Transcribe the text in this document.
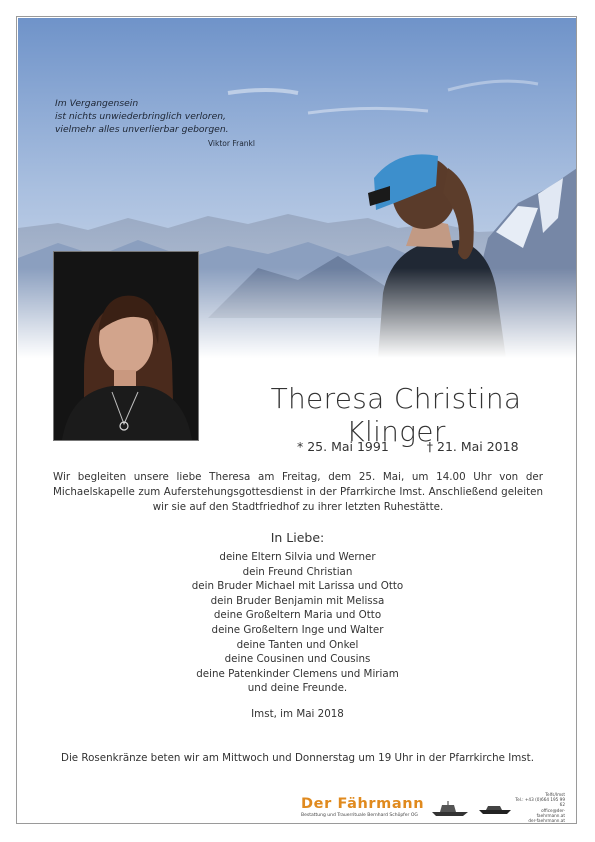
Im Vergangensein
ist nichts unwiederbringlich verloren,
vielmehr alles unverlierbar geborgen.
Viktor Frankl
Theresa Christina Klinger
* 25. Mai 1991	† 21. Mai 2018
Wir begleiten unsere liebe Theresa am Freitag, dem 25. Mai, um 14.00 Uhr von der Michaelskapelle zum Auferstehungsgottesdienst in der Pfarrkirche Imst. Anschließend geleiten wir sie auf den Stadtfriedhof zu ihrer letzten Ruhestätte.
In Liebe:
deine Eltern Silvia und Werner
dein Freund Christian
dein Bruder Michael mit Larissa und Otto
dein Bruder Benjamin mit Melissa
deine Großeltern Maria und Otto
deine Großeltern Inge und Walter
deine Tanten und Onkel
deine Cousinen und Cousins
deine Patenkinder Clemens und Miriam
und deine Freunde.
Imst, im Mai 2018
Die Rosenkränze beten wir am Mittwoch und Donnerstag um 19 Uhr in der Pfarrkirche Imst.
Der Fährmann
Bestattung und Trauerrituale Bernhard Schöpfer OG
Telfs/Imst
Tel.: +43 (0)664 195 99 62
office@der-faehrmann.at
der-faehrmann.at
